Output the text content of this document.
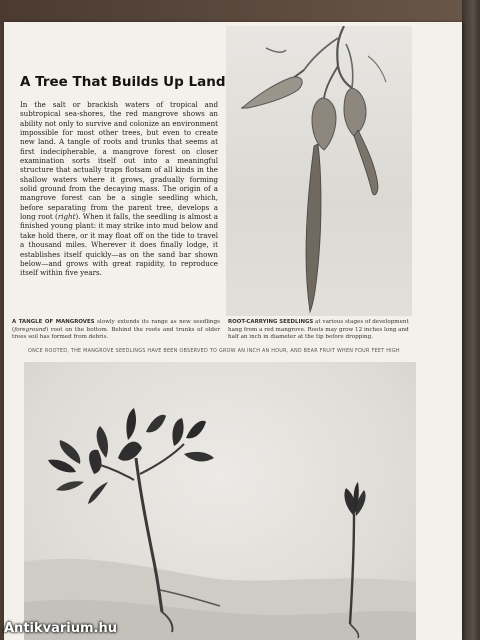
A Tree That Builds Up Land

In the salt or brackish waters of tropical and subtropical sea-shores, the red mangrove shows an ability not only to survive and colonize an environment impossible for most other trees, but even to create new land. A tangle of roots and trunks that seems at first indecipherable, a mangrove forest on closer examination sorts itself out into a meaningful structure that actually traps flotsam of all kinds in the shallow waters where it grows, gradually forming solid ground from the decaying mass. The origin of a mangrove forest can be a single seedling which, before separating from the parent tree, develops a long root (right). When it falls, the seedling is almost a finished young plant: it may strike into mud below and take hold there, or it may float off on the tide to travel a thousand miles. Wherever it does finally lodge, it establishes itself quickly—as on the sand bar shown below—and grows with great rapidity, to reproduce itself within five years.

A TANGLE OF MANGROVES slowly extends its range as new seedlings (foreground) root on the bottom. Behind the roots and trunks of older trees soil has formed from debris.

ROOT-CARRYING SEEDLINGS at various stages of development hang from a red mangrove. Roots may grow 12 inches long and half an inch in diameter at the tip before dropping.

ONCE ROOTED, THE MANGROVE SEEDLINGS HAVE BEEN OBSERVED TO GROW AN INCH AN HOUR, AND BEAR FRUIT WHEN FOUR FEET HIGH
Antikvarium.hu
